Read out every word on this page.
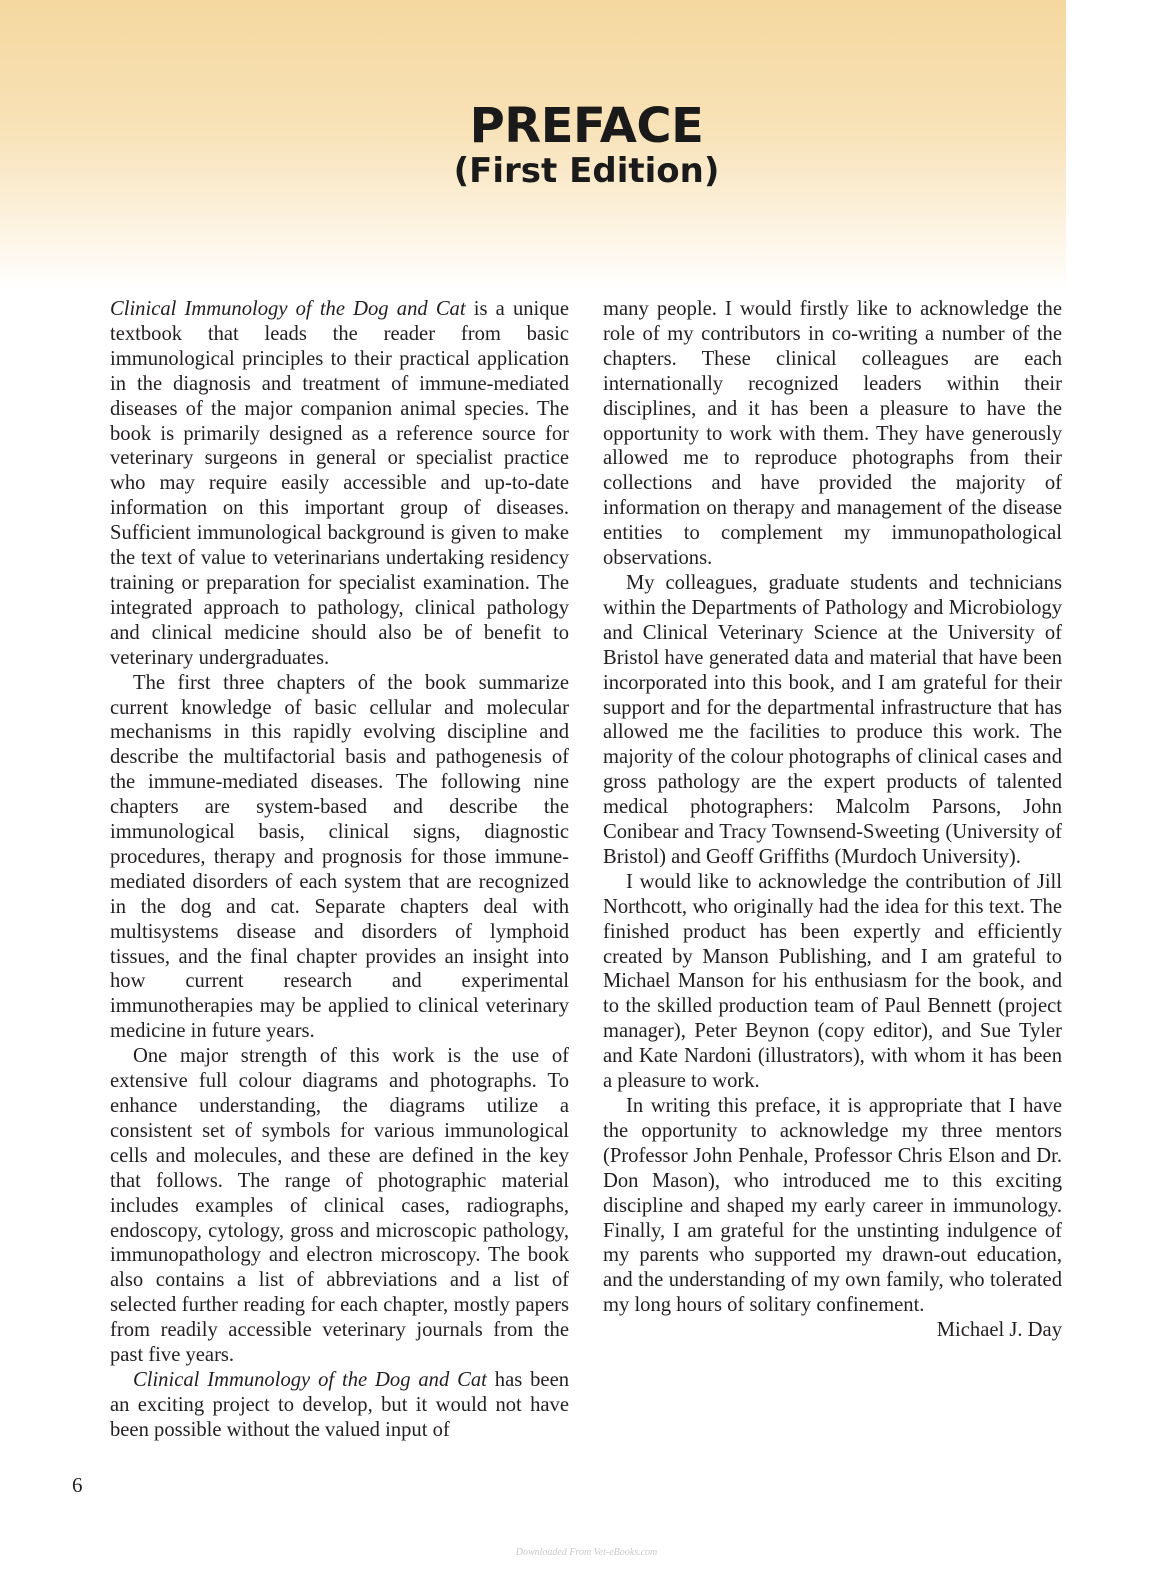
PREFACE
(First Edition)

Clinical Immunology of the Dog and Cat is a unique textbook that leads the reader from basic immunological principles to their practical application in the diagnosis and treatment of immune-mediated diseases of the major companion animal species. The book is primarily designed as a reference source for veterinary surgeons in general or specialist practice who may require easily accessible and up-to-date information on this important group of diseases. Sufficient immunological background is given to make the text of value to veterinarians undertaking residency training or preparation for specialist examination. The integrated approach to pathology, clinical pathology and clinical medicine should also be of benefit to veterinary undergraduates.

The first three chapters of the book summarize current knowledge of basic cellular and molecular mechanisms in this rapidly evolving discipline and describe the multifactorial basis and pathogenesis of the immune-mediated diseases. The following nine chapters are system-based and describe the immunological basis, clinical signs, diagnostic procedures, therapy and prognosis for those immune-mediated disorders of each system that are recognized in the dog and cat. Separate chapters deal with multisystems disease and disorders of lymphoid tissues, and the final chapter provides an insight into how current research and experimental immunotherapies may be applied to clinical veterinary medicine in future years.

One major strength of this work is the use of extensive full colour diagrams and photographs. To enhance understanding, the diagrams utilize a consistent set of symbols for various immunological cells and molecules, and these are defined in the key that follows. The range of photographic material includes examples of clinical cases, radiographs, endoscopy, cytology, gross and microscopic pathology, immunopathology and electron microscopy. The book also contains a list of abbreviations and a list of selected further reading for each chapter, mostly papers from readily accessible veterinary journals from the past five years.

Clinical Immunology of the Dog and Cat has been an exciting project to develop, but it would not have been possible without the valued input of

many people. I would firstly like to acknowledge the role of my contributors in co-writing a number of the chapters. These clinical colleagues are each internationally recognized leaders within their disciplines, and it has been a pleasure to have the opportunity to work with them. They have generously allowed me to reproduce photographs from their collections and have provided the majority of information on therapy and management of the disease entities to complement my immunopathological observations.

My colleagues, graduate students and technicians within the Departments of Pathology and Microbiology and Clinical Veterinary Science at the University of Bristol have generated data and material that have been incorporated into this book, and I am grateful for their support and for the departmental infrastructure that has allowed me the facilities to produce this work. The majority of the colour photographs of clinical cases and gross pathology are the expert products of talented medical photographers: Malcolm Parsons, John Conibear and Tracy Townsend-Sweeting (University of Bristol) and Geoff Griffiths (Murdoch University).

I would like to acknowledge the contribution of Jill Northcott, who originally had the idea for this text. The finished product has been expertly and efficiently created by Manson Publishing, and I am grateful to Michael Manson for his enthusiasm for the book, and to the skilled production team of Paul Bennett (project manager), Peter Beynon (copy editor), and Sue Tyler and Kate Nardoni (illustrators), with whom it has been a pleasure to work.

In writing this preface, it is appropriate that I have the opportunity to acknowledge my three mentors (Professor John Penhale, Professor Chris Elson and Dr. Don Mason), who introduced me to this exciting discipline and shaped my early career in immunology. Finally, I am grateful for the unstinting indulgence of my parents who supported my drawn-out education, and the understanding of my own family, who tolerated my long hours of solitary confinement.

Michael J. Day

6
Downloaded From Vet-eBooks.com
